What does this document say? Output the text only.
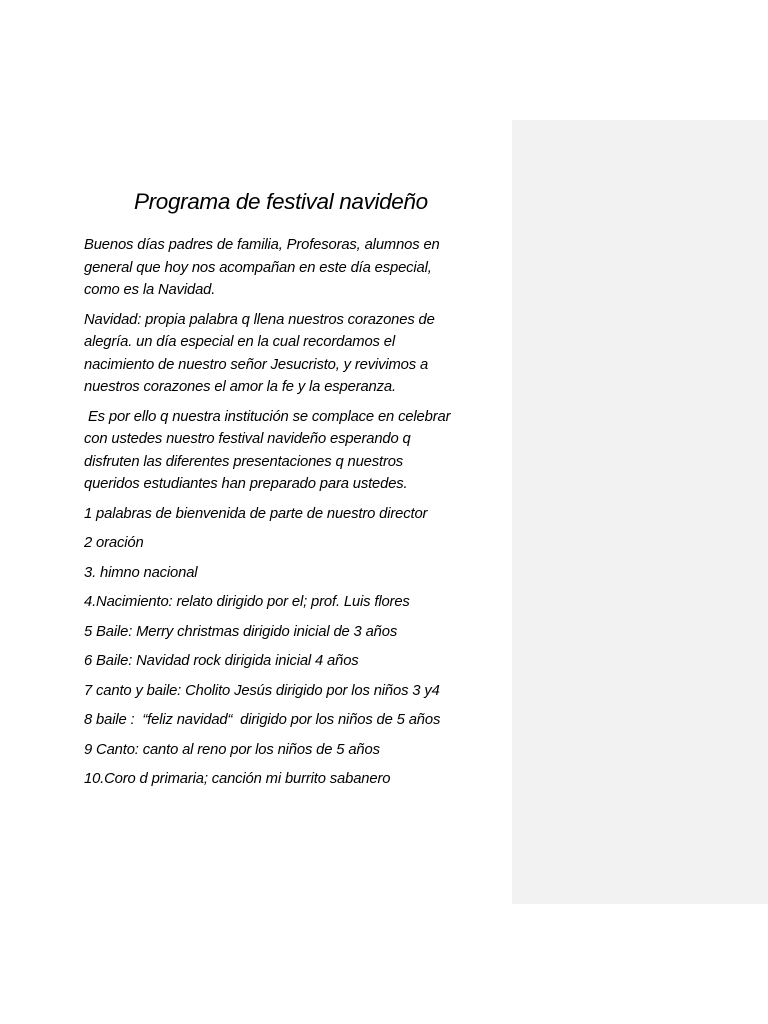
Programa de festival navideño

Buenos días padres de familia, Profesoras, alumnos en
general que hoy nos acompañan en este día especial,
como es la Navidad.

Navidad: propia palabra q llena nuestros corazones de
alegría. un día especial en la cual recordamos el
nacimiento de nuestro señor Jesucristo, y revivimos a
nuestros corazones el amor la fe y la esperanza.

Es por ello q nuestra institución se complace en celebrar
con ustedes nuestro festival navideño esperando q
disfruten las diferentes presentaciones q nuestros
queridos estudiantes han preparado para ustedes.

1 palabras de bienvenida de parte de nuestro director
2 oración
3. himno nacional
4.Nacimiento: relato dirigido por el; prof. Luis flores
5 Baile: Merry christmas dirigido inicial de 3 años
6 Baile: Navidad rock dirigida inicial 4 años
7 canto y baile: Cholito Jesús dirigido por los niños 3 y4
8 baile :  “feliz navidad“  dirigido por los niños de 5 años
9 Canto: canto al reno por los niños de 5 años
10.Coro d primaria; canción mi burrito sabanero
